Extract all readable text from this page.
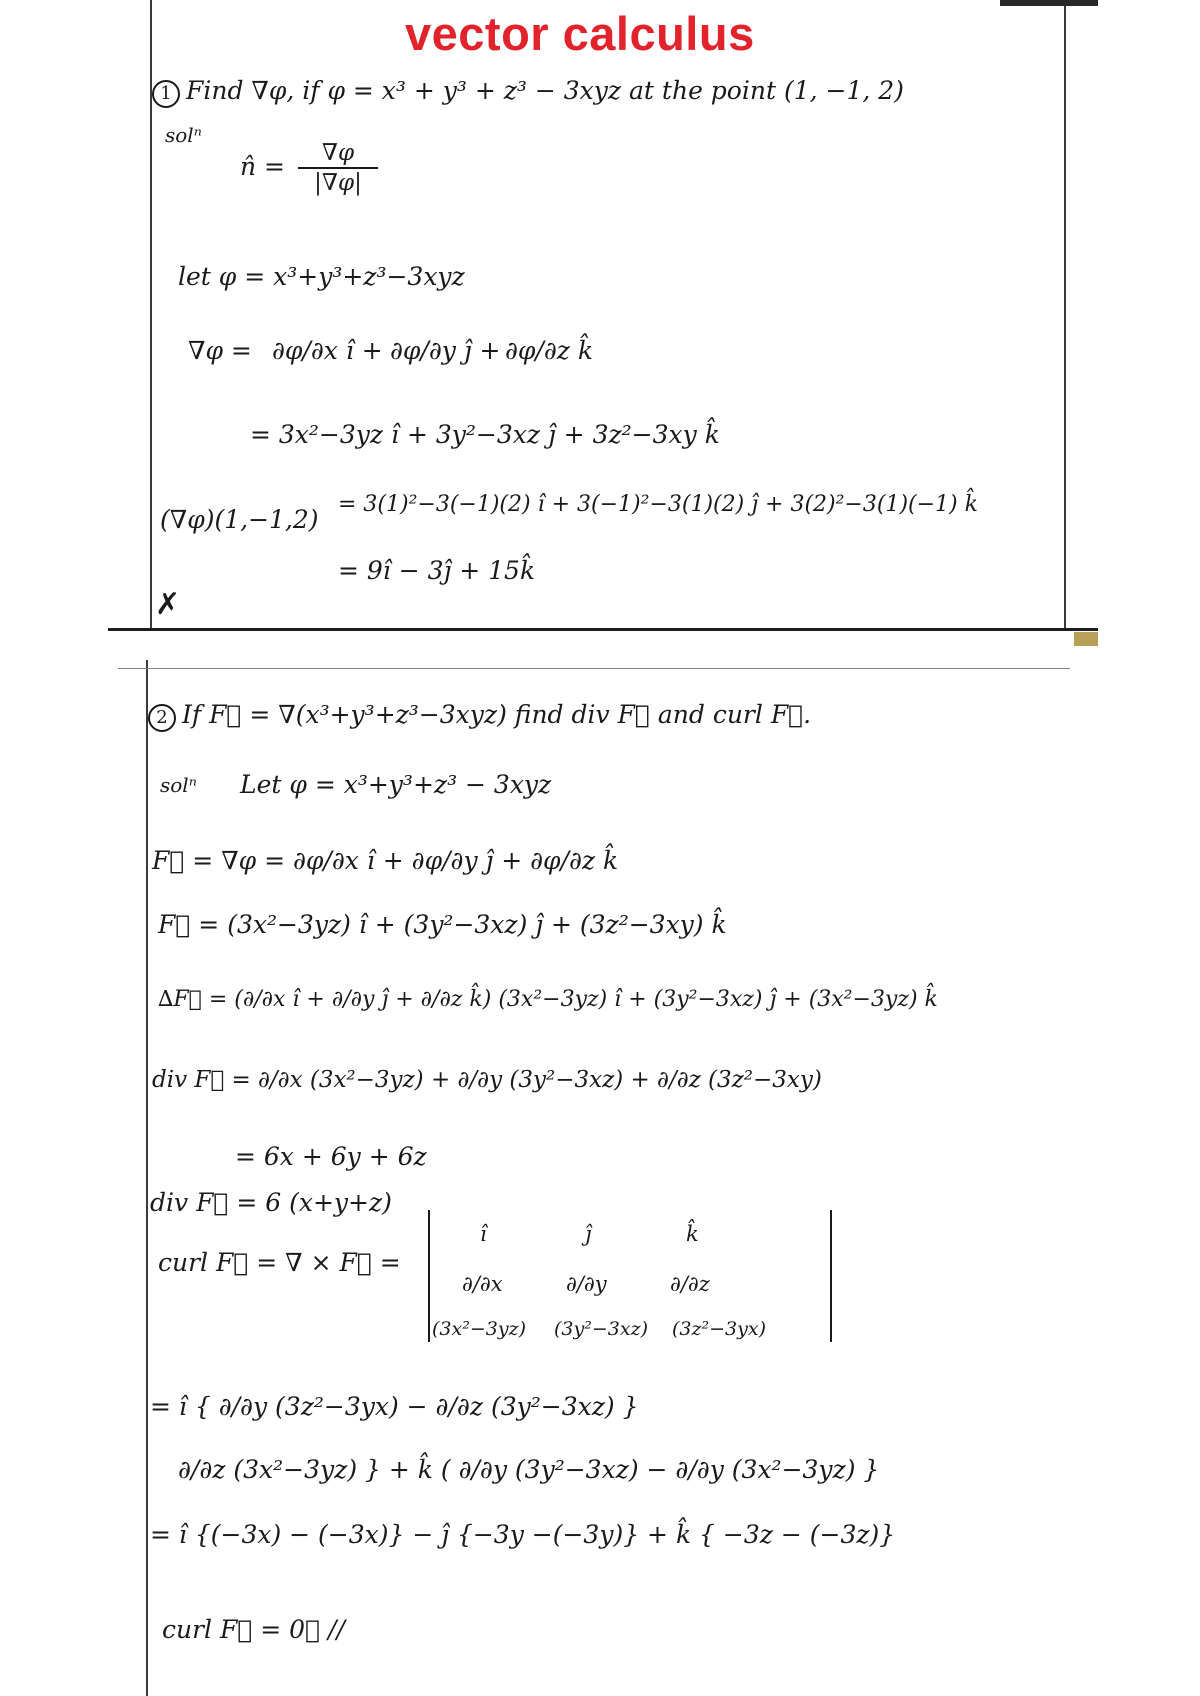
vector calculus
1 Find ∇φ, if φ = x³ + y³ + z³ − 3xyz at the point (1, −1, 2)
solⁿ
n̂ =	∇φ
|∇φ|
let φ = x³+y³+z³−3xyz
∇φ = ∂φ/∂x î + ∂φ/∂y ĵ + ∂φ/∂z k̂
= 3x²−3yz î + 3y²−3xz ĵ + 3z²−3xy k̂
(∇φ)(1,−1,2)
= 3(1)²−3(−1)(2) î + 3(−1)²−3(1)(2) ĵ + 3(2)²−3(1)(−1) k̂
= 9î − 3ĵ + 15k̂
✗
2 If F⃗ = ∇(x³+y³+z³−3xyz) find div F⃗ and curl F⃗.
solⁿ Let φ = x³+y³+z³ − 3xyz
F⃗ = ∇φ = ∂φ/∂x î + ∂φ/∂y ĵ + ∂φ/∂z k̂
F⃗ = (3x²−3yz) î + (3y²−3xz) ĵ + (3z²−3xy) k̂
∆F⃗ = (∂/∂x î + ∂/∂y ĵ + ∂/∂z k̂) (3x²−3yz) î + (3y²−3xz) ĵ + (3x²−3yz) k̂
div F⃗ = ∂/∂x (3x²−3yz) + ∂/∂y (3y²−3xz) + ∂/∂z (3z²−3xy)
= 6x + 6y + 6z
div F⃗ = 6 (x+y+z)
curl F⃗ = ∇ × F⃗ =
î	ĵ	k̂
∂/∂x	∂/∂y	∂/∂z
(3x²−3yz) (3y²−3xz) (3z²−3yx)
= î { ∂/∂y (3z²−3yx) − ∂/∂z (3y²−3xz) }
∂/∂z (3x²−3yz) } + k̂ ( ∂/∂y (3y²−3xz) − ∂/∂y (3x²−3yz) }
= î {(−3x) − (−3x)} − ĵ {−3y −(−3y)} + k̂ { −3z − (−3z)}
curl F⃗ = 0⃗ //
